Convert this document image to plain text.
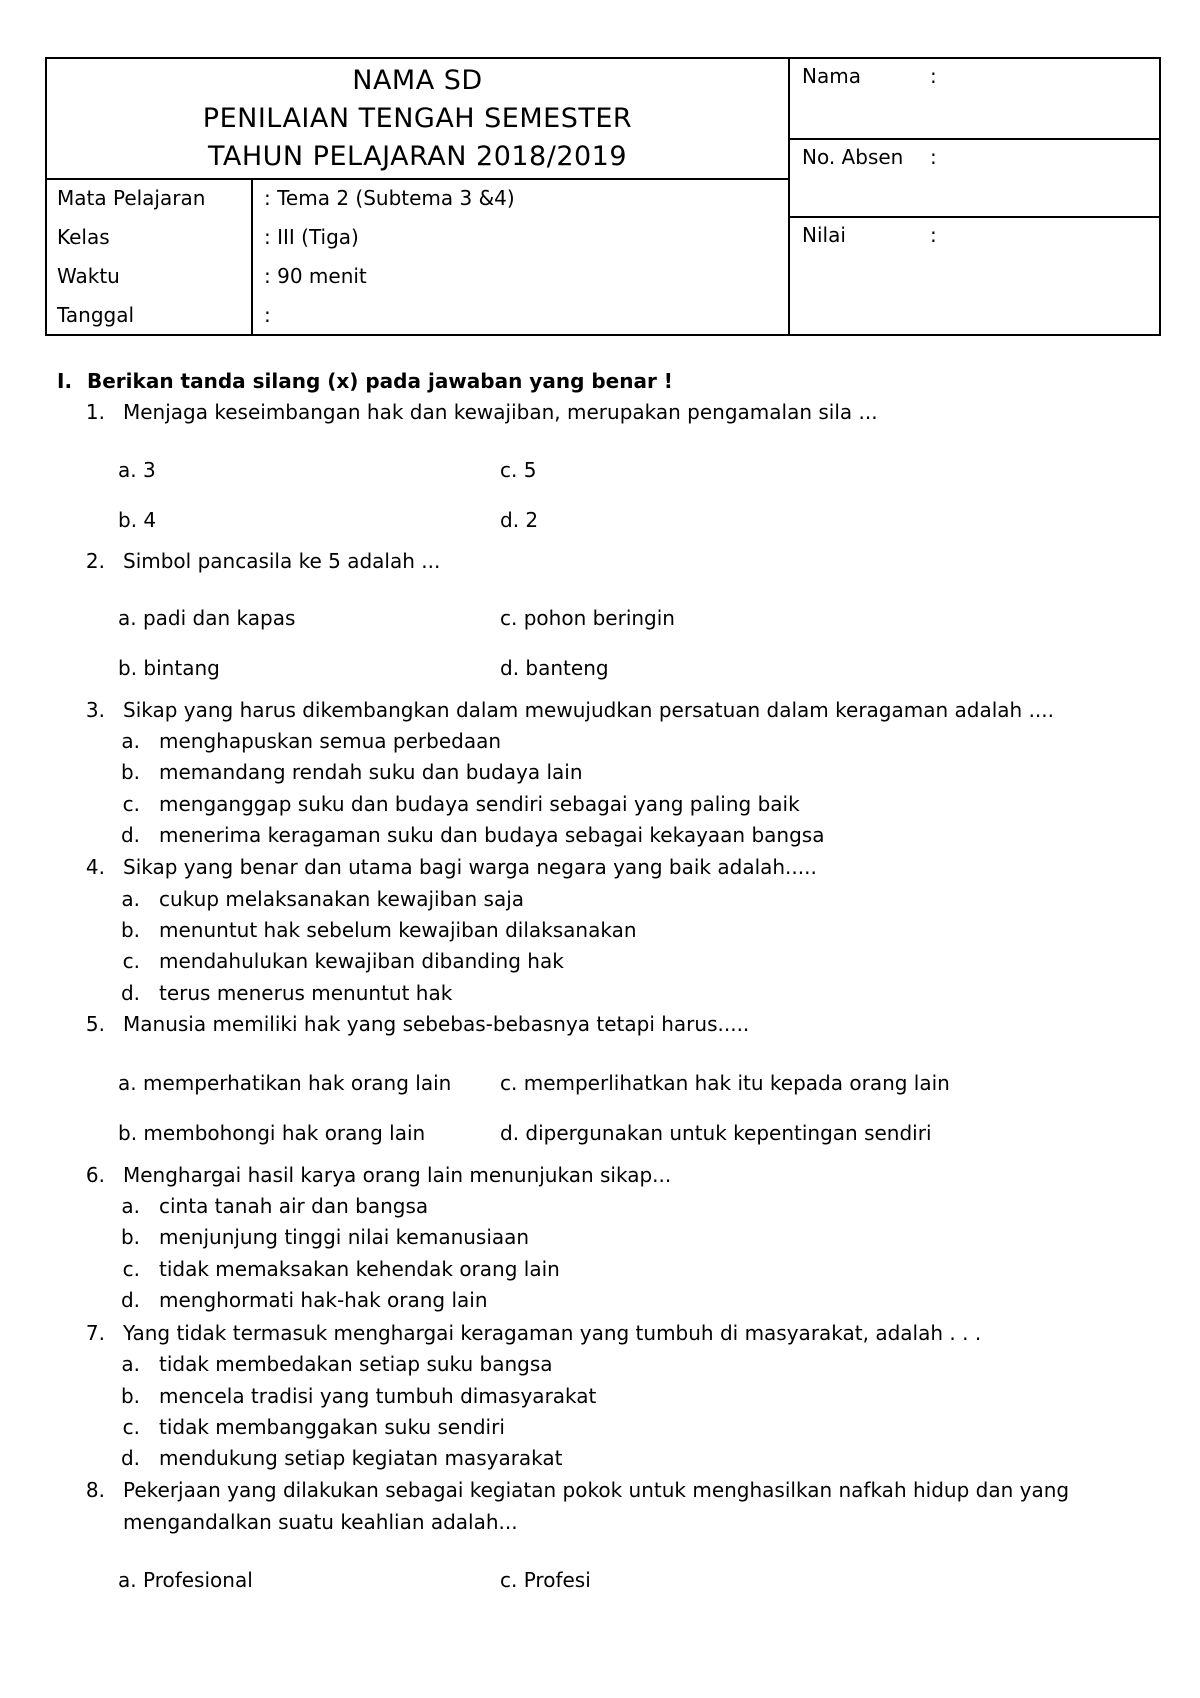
NAMA SD
PENILAIAN TENGAH SEMESTER
TAHUN PELAJARAN 2018/2019
Mata Pelajaran	: Tema 2 (Subtema 3 &4)
Kelas	: III (Tiga)
Waktu	: 90 menit
Tanggal	:
Nama	:
No. Absen :
Nilai	:
I. Berikan tanda silang (x) pada jawaban yang benar !
1. Menjaga keseimbangan hak dan kewajiban, merupakan pengamalan sila ...
a. 3
b. 4
c. 5
d. 2
2. Simbol pancasila ke 5 adalah ...
a. padi dan kapas
b. bintang
c. pohon beringin
d. banteng
3. Sikap yang harus dikembangkan dalam mewujudkan persatuan dalam keragaman adalah ....
a. menghapuskan semua perbedaan
b. memandang rendah suku dan budaya lain
c. menganggap suku dan budaya sendiri sebagai yang paling baik
d. menerima keragaman suku dan budaya sebagai kekayaan bangsa
4. Sikap yang benar dan utama bagi warga negara yang baik adalah.....
a. cukup melaksanakan kewajiban saja
b. menuntut hak sebelum kewajiban dilaksanakan
c. mendahulukan kewajiban dibanding hak
d. terus menerus menuntut hak
5. Manusia memiliki hak yang sebebas-bebasnya tetapi harus.....
a. memperhatikan hak orang lain
b. membohongi hak orang lain
c. memperlihatkan hak itu kepada orang lain
d. dipergunakan untuk kepentingan sendiri
6. Menghargai hasil karya orang lain menunjukan sikap...
a. cinta tanah air dan bangsa
b. menjunjung tinggi nilai kemanusiaan
c. tidak memaksakan kehendak orang lain
d. menghormati hak-hak orang lain
7. Yang tidak termasuk menghargai keragaman yang tumbuh di masyarakat, adalah . . .
a. tidak membedakan setiap suku bangsa
b. mencela tradisi yang tumbuh dimasyarakat
c. tidak membanggakan suku sendiri
d. mendukung setiap kegiatan masyarakat
8. Pekerjaan yang dilakukan sebagai kegiatan pokok untuk menghasilkan nafkah hidup dan yang
mengandalkan suatu keahlian adalah...
a. Profesional	c. Profesi
